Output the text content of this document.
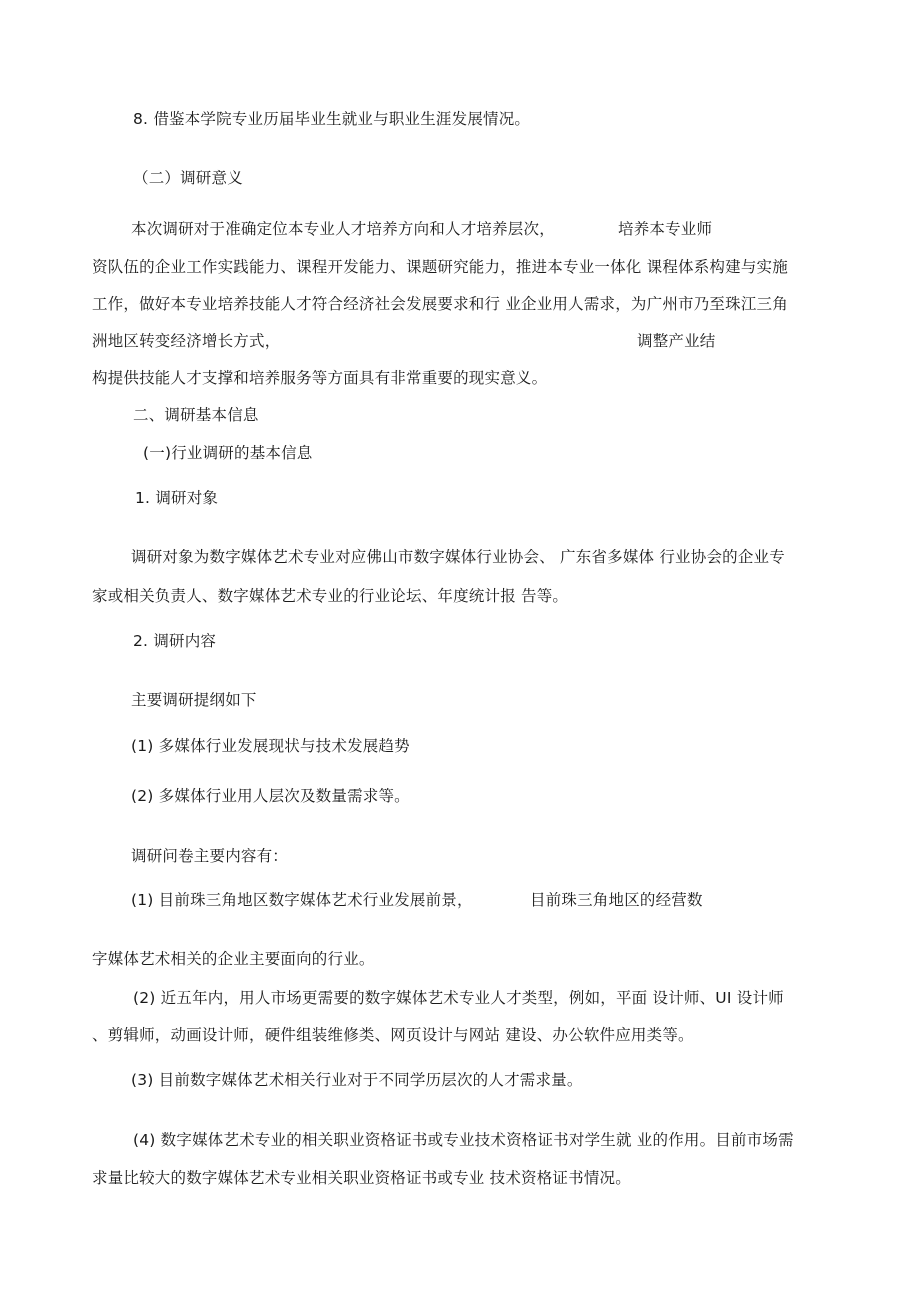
8. 借鉴本学院专业历届毕业生就业与职业生涯发展情况。
（二）调研意义
本次调研对于准确定位本专业人才培养方向和人才培养层次，	培养本专业师
资队伍的企业工作实践能力、课程开发能力、课题研究能力，推进本专业一体化 课程体系构建与实施
工作，做好本专业培养技能人才符合经济社会发展要求和行 业企业用人需求，为广州市乃至珠江三角
洲地区转变经济增长方式，	调整产业结
构提供技能人才支撑和培养服务等方面具有非常重要的现实意义。
二、调研基本信息
(一)行业调研的基本信息
1. 调研对象
调研对象为数字媒体艺术专业对应佛山市数字媒体行业协会、 广东省多媒体 行业协会的企业专
家或相关负责人、数字媒体艺术专业的行业论坛、年度统计报 告等。
2. 调研内容
主要调研提纲如下
(1) 多媒体行业发展现状与技术发展趋势
(2) 多媒体行业用人层次及数量需求等。
调研问卷主要内容有：
(1) 目前珠三角地区数字媒体艺术行业发展前景，	目前珠三角地区的经营数
字媒体艺术相关的企业主要面向的行业。
(2) 近五年内，用人市场更需要的数字媒体艺术专业人才类型，例如，平面 设计师、UI 设计师
、剪辑师，动画设计师，硬件组装维修类、网页设计与网站 建设、办公软件应用类等。
(3) 目前数字媒体艺术相关行业对于不同学历层次的人才需求量。
(4) 数字媒体艺术专业的相关职业资格证书或专业技术资格证书对学生就 业的作用。目前市场需
求量比较大的数字媒体艺术专业相关职业资格证书或专业 技术资格证书情况。
